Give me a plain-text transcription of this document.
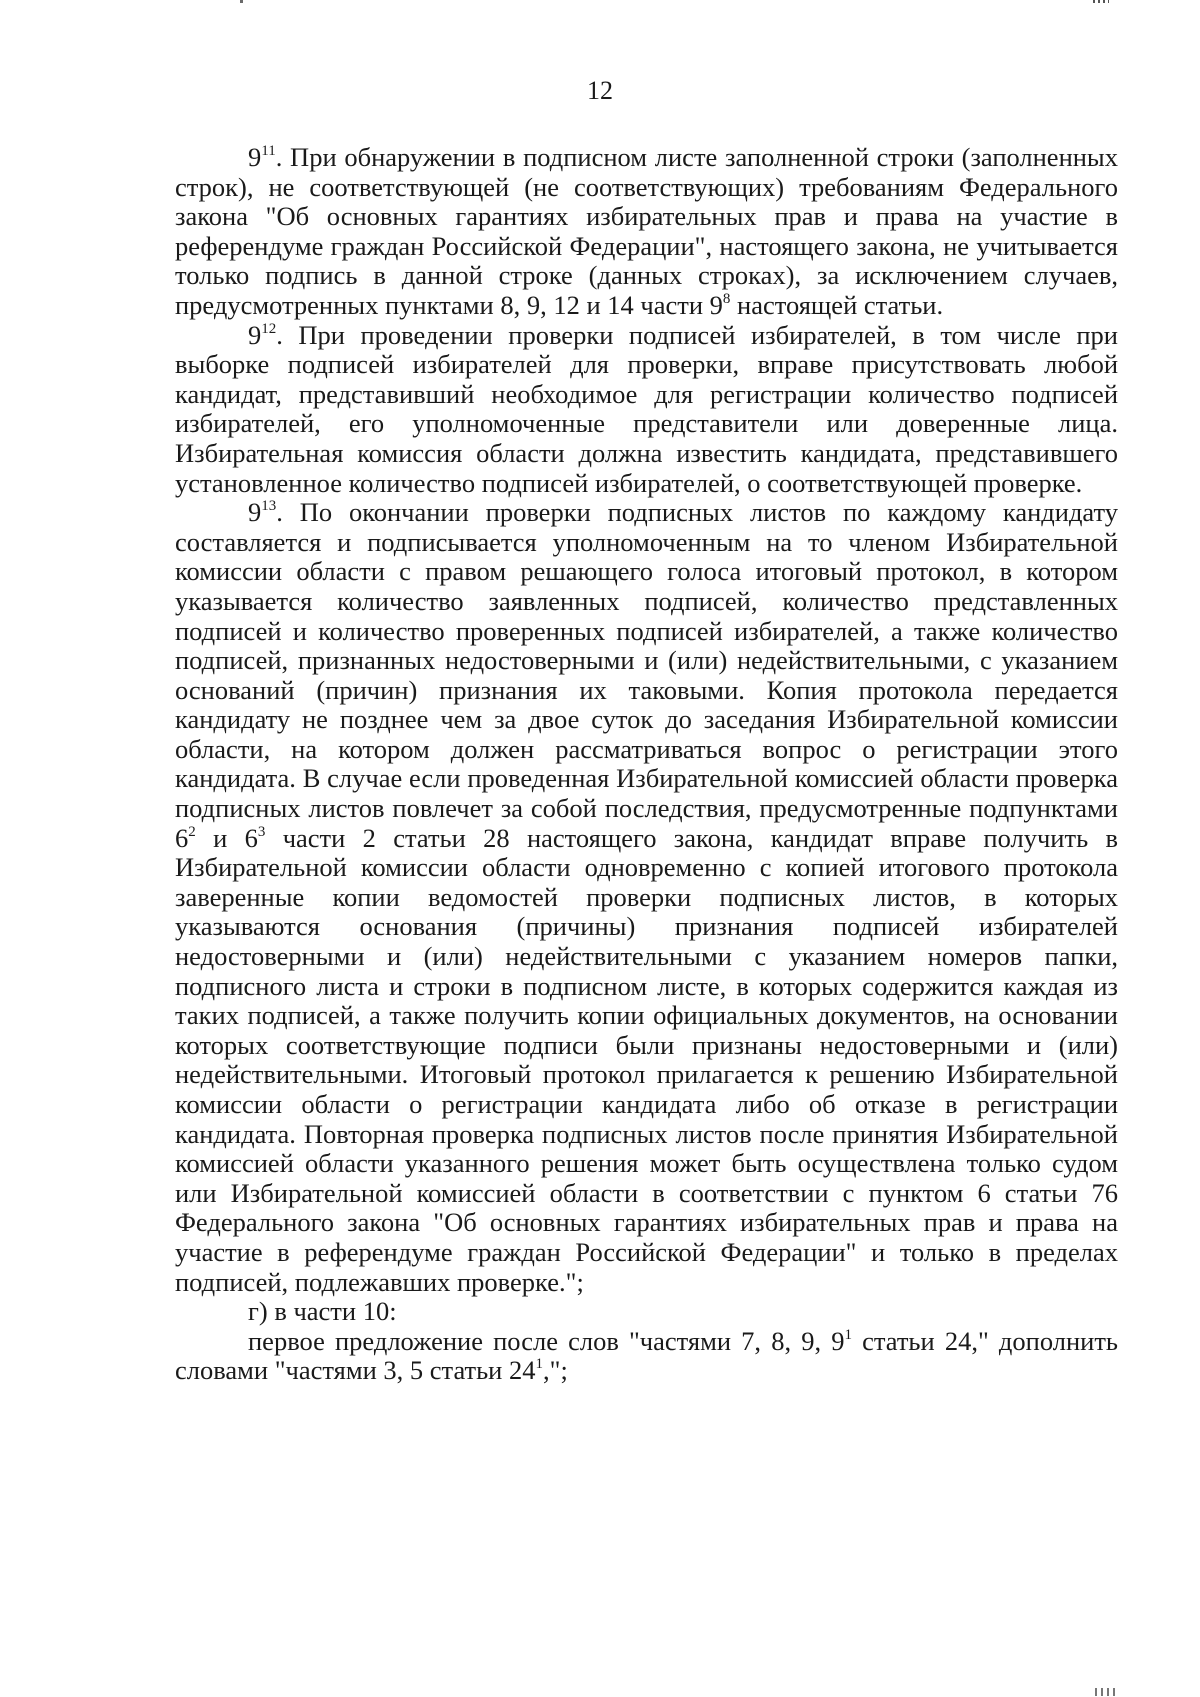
12

$9^{11}$. При обнаружении в подписном листе заполненной строки (заполненных строк), не соответствующей (не соответствующих) требованиям Федерального закона "Об основных гарантиях избирательных прав и права на участие в референдуме граждан Российской Федерации", настоящего закона, не учитывается только подпись в данной строке (данных строках), за исключением случаев, предусмотренных пунктами 8, 9, 12 и 14 части $9^8$ настоящей статьи.

$9^{12}$. При проведении проверки подписей избирателей, в том числе при выборке подписей избирателей для проверки, вправе присутствовать любой кандидат, представивший необходимое для регистрации количество подписей избирателей, его уполномоченные представители или доверенные лица. Избирательная комиссия области должна известить кандидата, представившего установленное количество подписей избирателей, о соответствующей проверке.

$9^{13}$. По окончании проверки подписных листов по каждому кандидату составляется и подписывается уполномоченным на то членом Избирательной комиссии области с правом решающего голоса итоговый протокол, в котором указывается количество заявленных подписей, количество представленных подписей и количество проверенных подписей избирателей, а также количество подписей, признанных недостоверными и (или) недействительными, с указанием оснований (причин) признания их таковыми. Копия протокола передается кандидату не позднее чем за двое суток до заседания Избирательной комиссии области, на котором должен рассматриваться вопрос о регистрации этого кандидата. В случае если проведенная Избирательной комиссией области проверка подписных листов повлечет за собой последствия, предусмотренные подпунктами $6^2$ и $6^3$ части 2 статьи 28 настоящего закона, кандидат вправе получить в Избирательной комиссии области одновременно с копией итогового протокола заверенные копии ведомостей проверки подписных листов, в которых указываются основания (причины) признания подписей избирателей недостоверными и (или) недействительными с указанием номеров папки, подписного листа и строки в подписном листе, в которых содержится каждая из таких подписей, а также получить копии официальных документов, на основании которых соответствующие подписи были признаны недостоверными и (или) недействительными. Итоговый протокол прилагается к решению Избирательной комиссии области о регистрации кандидата либо об отказе в регистрации кандидата. Повторная проверка подписных листов после принятия Избирательной комиссией области указанного решения может быть осуществлена только судом или Избирательной комиссией области в соответствии с пунктом 6 статьи 76 Федерального закона "Об основных гарантиях избирательных прав и права на участие в референдуме граждан Российской Федерации" и только в пределах подписей, подлежавших проверке.";

г) в части 10:

первое предложение после слов "частями 7, 8, 9, $9^1$ статьи 24," дополнить словами "частями 3, 5 статьи $24^1$,";
